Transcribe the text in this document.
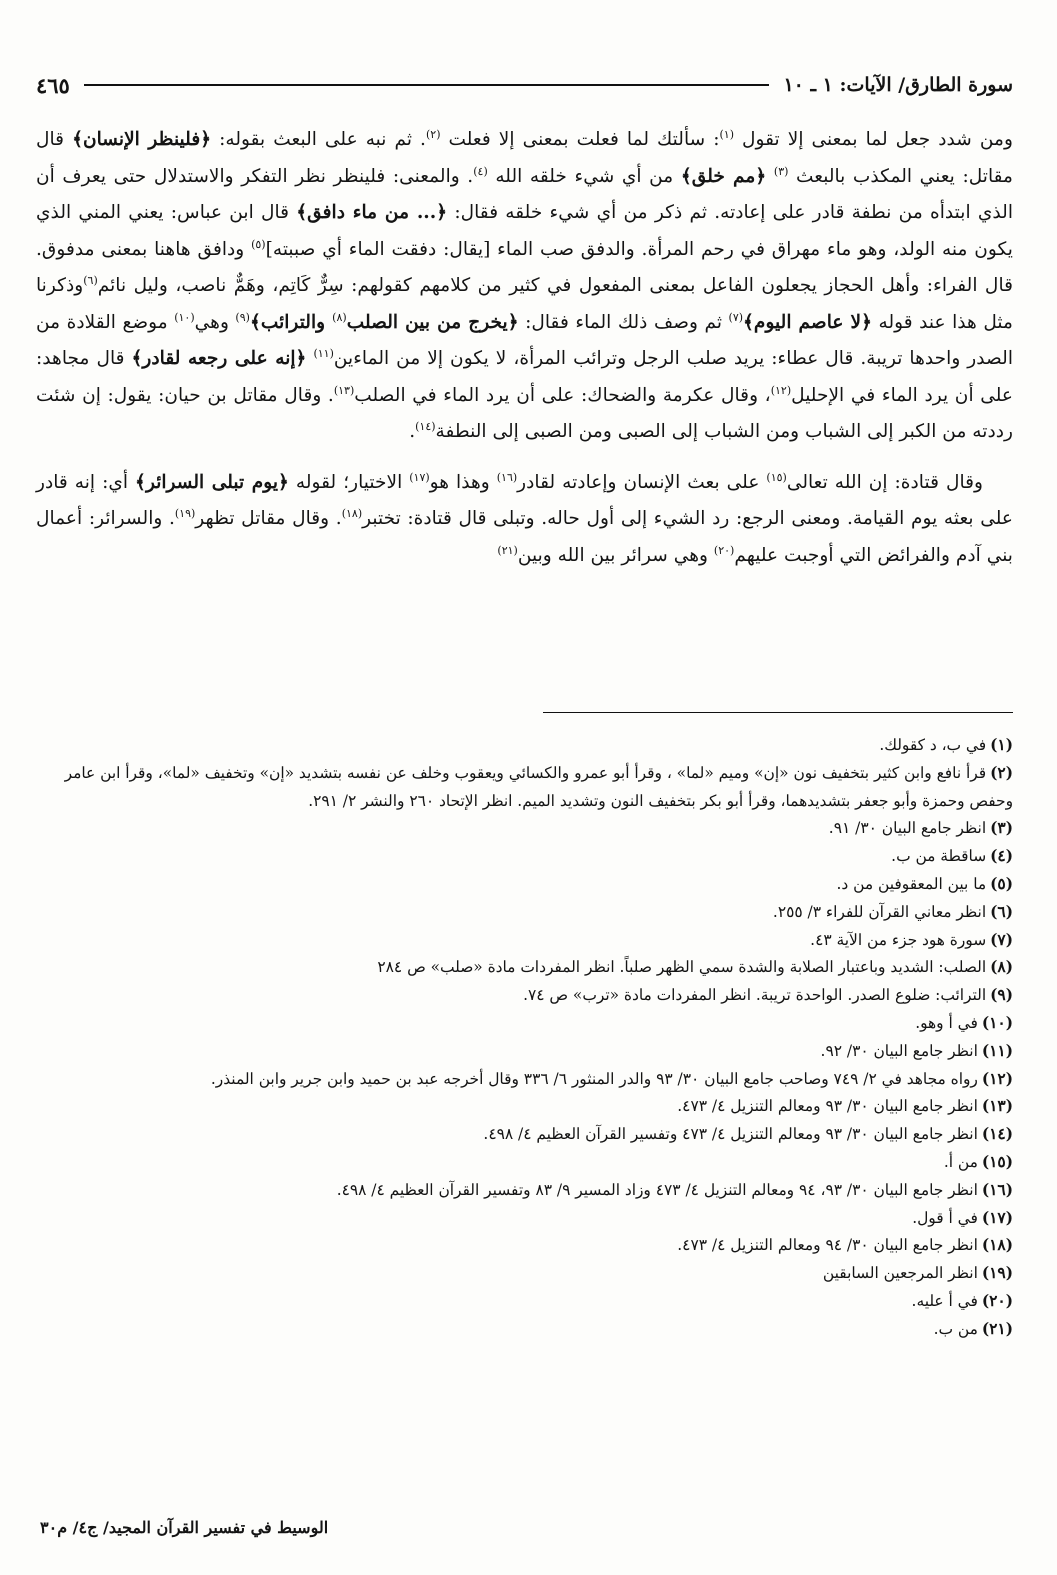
سورة الطارق/ الآيات: ١ ـ ١٠
٤٦٥

ومن شدد جعل لما بمعنى إلا تقول $^{(١)}$: سألتك لما فعلت بمعنى إلا فعلت $^{(٢)}$. ثم نبه على البعث بقوله: ﴿فلينظر الإنسان﴾ قال مقاتل: يعني المكذب بالبعث $^{(٣)}$ ﴿مم خلق﴾ من أي شيء خلقه الله $^{(٤)}$. والمعنى: فلينظر نظر التفكر والاستدلال حتى يعرف أن الذي ابتدأه من نطفة قادر على إعادته. ثم ذكر من أي شيء خلقه فقال: ﴿... من ماء دافق﴾ قال ابن عباس: يعني المني الذي يكون منه الولد، وهو ماء مهراق في رحم المرأة. والدفق صب الماء [يقال: دفقت الماء أي صببته]$^{(٥)}$ ودافق هاهنا بمعنى مدفوق. قال الفراء: وأهل الحجاز يجعلون الفاعل بمعنى المفعول في كثير من كلامهم كقولهم: سِرٌّ كَاتِم، وهَمٌّ ناصب، وليل نائم$^{(٦)}$وذكرنا مثل هذا عند قوله ﴿لا عاصم اليوم﴾$^{(٧)}$ ثم وصف ذلك الماء فقال: ﴿يخرج من بين الصلب$^{(٨)}$ والترائب﴾$^{(٩)}$ وهي$^{(١٠)}$ موضع القلادة من الصدر واحدها تريبة. قال عطاء: يريد صلب الرجل وترائب المرأة، لا يكون إلا من الماءين$^{(١١)}$ ﴿إنه على رجعه لقادر﴾ قال مجاهد: على أن يرد الماء في الإحليل$^{(١٢)}$، وقال عكرمة والضحاك: على أن يرد الماء في الصلب$^{(١٣)}$. وقال مقاتل بن حيان: يقول: إن شئت رددته من الكبر إلى الشباب ومن الشباب إلى الصبى ومن الصبى إلى النطفة$^{(١٤)}$.

وقال قتادة: إن الله تعالى$^{(١٥)}$ على بعث الإنسان وإعادته لقادر$^{(١٦)}$ وهذا هو$^{(١٧)}$ الاختيار؛ لقوله ﴿يوم تبلى السرائر﴾ أي: إنه قادر على بعثه يوم القيامة. ومعنى الرجع: رد الشيء إلى أول حاله. وتبلى قال قتادة: تختبر$^{(١٨)}$. وقال مقاتل تظهر$^{(١٩)}$. والسرائر: أعمال بني آدم والفرائض التي أوجبت عليهم$^{(٢٠)}$ وهي سرائر بين الله وبين$^{(٢١)}$

(١)في ب، د كقولك.
(٢)قرأ نافع وابن كثير بتخفيف نون «إن» وميم «لما» ، وقرأ أبو عمرو والكسائي ويعقوب وخلف عن نفسه بتشديد «إن» وتخفيف «لما»، وقرأ ابن عامر وحفص وحمزة وأبو جعفر بتشديدهما، وقرأ أبو بكر بتخفيف النون وتشديد الميم. انظر الإتحاد ٢٦٠ والنشر ٢/ ٢٩١.
(٣)انظر جامع البيان ٣٠/ ٩١.
(٤)ساقطة من ب.
(٥)ما بين المعقوفين من د.
(٦)انظر معاني القرآن للفراء ٣/ ٢٥٥.
(٧)سورة هود جزء من الآية ٤٣.
(٨)الصلب: الشديد وباعتبار الصلابة والشدة سمي الظهر صلباً. انظر المفردات مادة «صلب» ص ٢٨٤
(٩)الترائب: ضلوع الصدر. الواحدة تريبة. انظر المفردات مادة «ترب» ص ٧٤.
(١٠)في أ وهو.
(١١)انظر جامع البيان ٣٠/ ٩٢.
(١٢)رواه مجاهد في ٢/ ٧٤٩ وصاحب جامع البيان ٣٠/ ٩٣ والدر المنثور ٦/ ٣٣٦ وقال أخرجه عبد بن حميد وابن جرير وابن المنذر.
(١٣)انظر جامع البيان ٣٠/ ٩٣ ومعالم التنزيل ٤/ ٤٧٣.
(١٤)انظر جامع البيان ٣٠/ ٩٣ ومعالم التنزيل ٤/ ٤٧٣ وتفسير القرآن العظيم ٤/ ٤٩٨.
(١٥)من أ.
(١٦)انظر جامع البيان ٣٠/ ٩٣، ٩٤ ومعالم التنزيل ٤/ ٤٧٣ وزاد المسير ٩/ ٨٣ وتفسير القرآن العظيم ٤/ ٤٩٨.
(١٧)في أ قول.
(١٨)انظر جامع البيان ٣٠/ ٩٤ ومعالم التنزيل ٤/ ٤٧٣.
(١٩)انظر المرجعين السابقين
(٢٠)في أ عليه.
(٢١)من ب.
الوسيط في تفسير القرآن المجيد/ ج٤/ م٣٠
